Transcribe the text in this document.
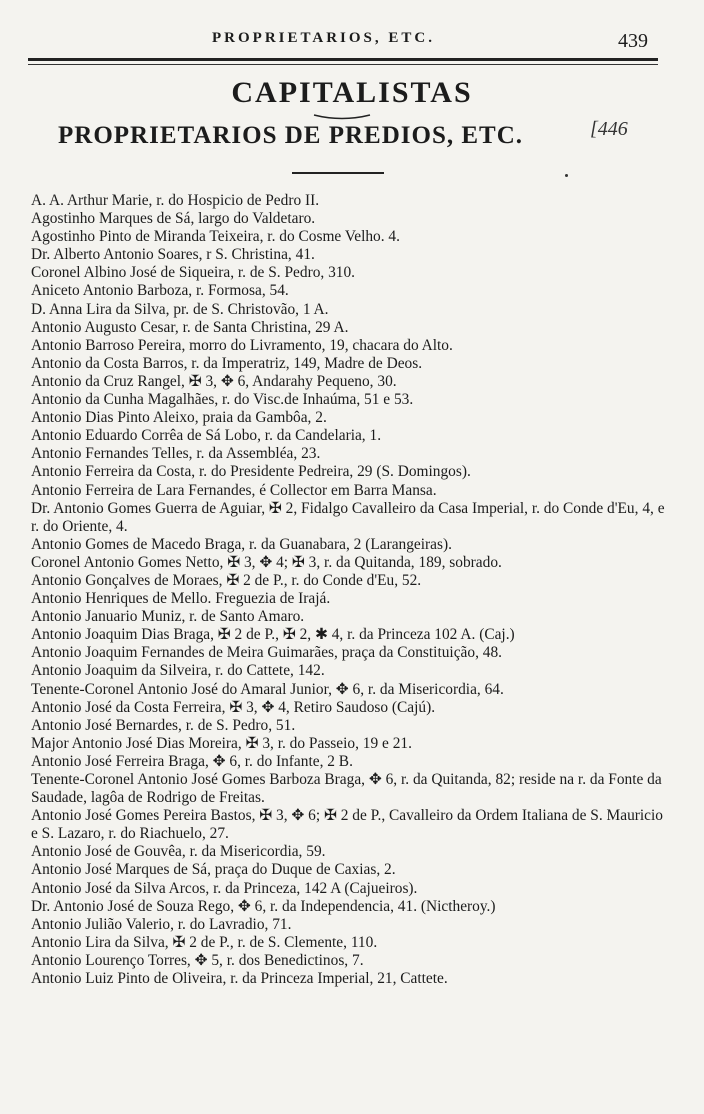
PROPRIETARIOS, ETC.	439
CAPITALISTAS
PROPRIETARIOS DE PREDIOS, ETC.	[446
A. A. Arthur Marie, r. do Hospicio de Pedro II.
Agostinho Marques de Sá, largo do Valdetaro.
Agostinho Pinto de Miranda Teixeira, r. do Cosme Velho. 4.
Dr. Alberto Antonio Soares, r S. Christina, 41.
Coronel Albino José de Siqueira, r. de S. Pedro, 310.
Aniceto Antonio Barboza, r. Formosa, 54.
D. Anna Lira da Silva, pr. de S. Christovão, 1 A.
Antonio Augusto Cesar, r. de Santa Christina, 29 A.
Antonio Barroso Pereira, morro do Livramento, 19, chacara do Alto.
Antonio da Costa Barros, r. da Imperatriz, 149, Madre de Deos.
Antonio da Cruz Rangel, ✠ 3, ✥ 6, Andarahy Pequeno, 30.
Antonio da Cunha Magalhães, r. do Visc.de Inhaúma, 51 e 53.
Antonio Dias Pinto Aleixo, praia da Gambôa, 2.
Antonio Eduardo Corrêa de Sá Lobo, r. da Candelaria, 1.
Antonio Fernandes Telles, r. da Assembléa, 23.
Antonio Ferreira da Costa, r. do Presidente Pedreira, 29 (S. Domingos).
Antonio Ferreira de Lara Fernandes, é Collector em Barra Mansa.
Dr. Antonio Gomes Guerra de Aguiar, ✠ 2, Fidalgo Cavalleiro da Casa Imperial, r. do Conde d'Eu, 4, e r. do Oriente, 4.
Antonio Gomes de Macedo Braga, r. da Guanabara, 2 (Larangeiras).
Coronel Antonio Gomes Netto, ✠ 3, ✥ 4; ✠ 3, r. da Quitanda, 189, sobrado.
Antonio Gonçalves de Moraes, ✠ 2 de P., r. do Conde d'Eu, 52.
Antonio Henriques de Mello. Freguezia de Irajá.
Antonio Januario Muniz, r. de Santo Amaro.
Antonio Joaquim Dias Braga, ✠ 2 de P., ✠ 2, ✱ 4, r. da Princeza 102 A. (Caj.)
Antonio Joaquim Fernandes de Meira Guimarães, praça da Constituição, 48.
Antonio Joaquim da Silveira, r. do Cattete, 142.
Tenente-Coronel Antonio José do Amaral Junior, ✥ 6, r. da Misericordia, 64.
Antonio José da Costa Ferreira, ✠ 3, ✥ 4, Retiro Saudoso (Cajú).
Antonio José Bernardes, r. de S. Pedro, 51.
Major Antonio José Dias Moreira, ✠ 3, r. do Passeio, 19 e 21.
Antonio José Ferreira Braga, ✥ 6, r. do Infante, 2 B.
Tenente-Coronel Antonio José Gomes Barboza Braga, ✥ 6, r. da Quitanda, 82; reside na r. da Fonte da Saudade, lagôa de Rodrigo de Freitas.
Antonio José Gomes Pereira Bastos, ✠ 3, ✥ 6; ✠ 2 de P., Cavalleiro da Ordem Italiana de S. Mauricio e S. Lazaro, r. do Riachuelo, 27.
Antonio José de Gouvêa, r. da Misericordia, 59.
Antonio José Marques de Sá, praça do Duque de Caxias, 2.
Antonio José da Silva Arcos, r. da Princeza, 142 A (Cajueiros).
Dr. Antonio José de Souza Rego, ✥ 6, r. da Independencia, 41. (Nictheroy.)
Antonio Julião Valerio, r. do Lavradio, 71.
Antonio Lira da Silva, ✠ 2 de P., r. de S. Clemente, 110.
Antonio Lourenço Torres, ✥ 5, r. dos Benedictinos, 7.
Antonio Luiz Pinto de Oliveira, r. da Princeza Imperial, 21, Cattete.
